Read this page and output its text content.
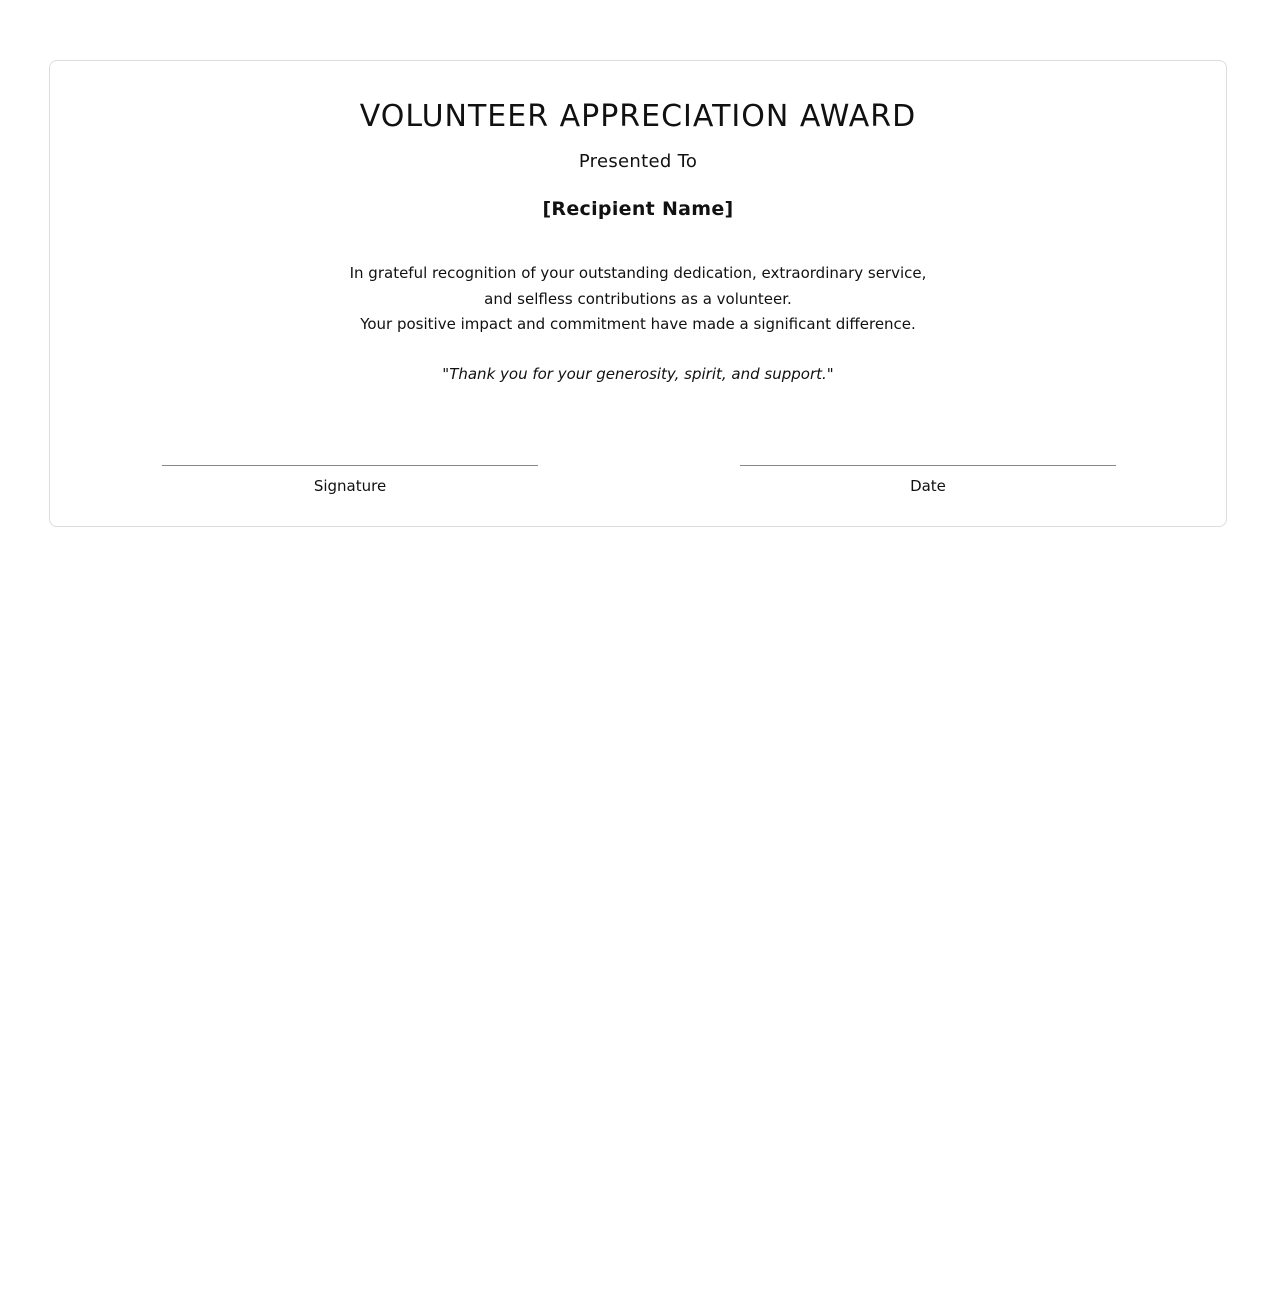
VOLUNTEER APPRECIATION AWARD
Presented To
[Recipient Name]
In grateful recognition of your outstanding dedication, extraordinary service,
and selfless contributions as a volunteer.
Your positive impact and commitment have made a significant difference.
"Thank you for your generosity, spirit, and support."
Signature	Date
